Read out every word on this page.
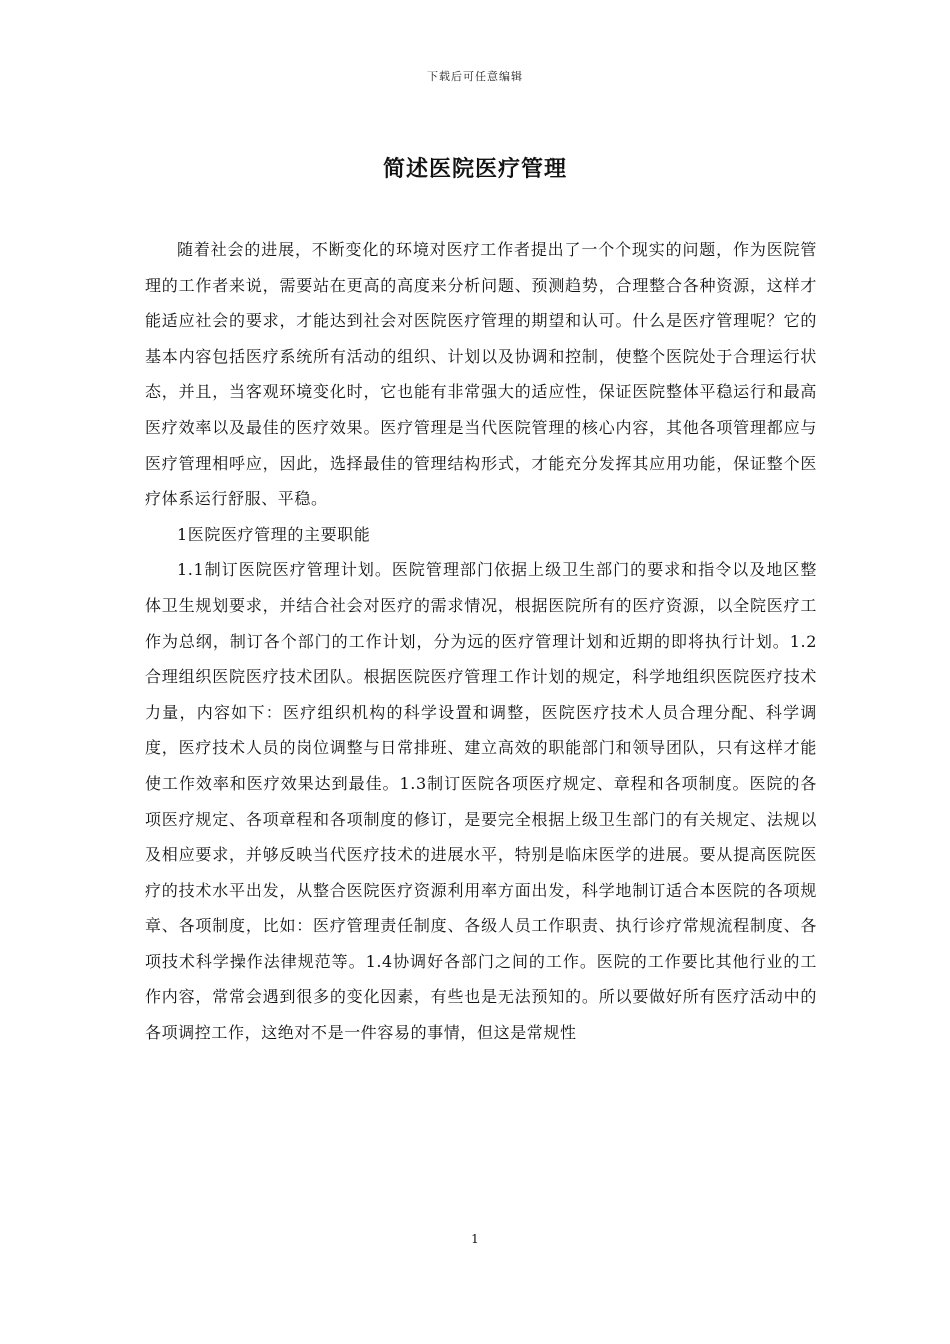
下载后可任意编辑
简述医院医疗管理

随着社会的进展，不断变化的环境对医疗工作者提出了一个个现实的问题，作为医院管理的工作者来说，需要站在更高的高度来分析问题、预测趋势，合理整合各种资源，这样才能适应社会的要求，才能达到社会对医院医疗管理的期望和认可。什么是医疗管理呢？它的基本内容包括医疗系统所有活动的组织、计划以及协调和控制，使整个医院处于合理运行状态，并且，当客观环境变化时，它也能有非常强大的适应性，保证医院整体平稳运行和最高医疗效率以及最佳的医疗效果。医疗管理是当代医院管理的核心内容，其他各项管理都应与医疗管理相呼应，因此，选择最佳的管理结构形式，才能充分发挥其应用功能，保证整个医疗体系运行舒服、平稳。

1医院医疗管理的主要职能

1.1制订医院医疗管理计划。医院管理部门依据上级卫生部门的要求和指令以及地区整体卫生规划要求，并结合社会对医疗的需求情况，根据医院所有的医疗资源，以全院医疗工作为总纲，制订各个部门的工作计划，分为远的医疗管理计划和近期的即将执行计划。1.2合理组织医院医疗技术团队。根据医院医疗管理工作计划的规定，科学地组织医院医疗技术力量，内容如下：医疗组织机构的科学设置和调整，医院医疗技术人员合理分配、科学调度，医疗技术人员的岗位调整与日常排班、建立高效的职能部门和领导团队，只有这样才能使工作效率和医疗效果达到最佳。1.3制订医院各项医疗规定、章程和各项制度。医院的各项医疗规定、各项章程和各项制度的修订，是要完全根据上级卫生部门的有关规定、法规以及相应要求，并够反映当代医疗技术的进展水平，特别是临床医学的进展。要从提高医院医疗的技术水平出发，从整合医院医疗资源利用率方面出发，科学地制订适合本医院的各项规章、各项制度，比如：医疗管理责任制度、各级人员工作职责、执行诊疗常规流程制度、各项技术科学操作法律规范等。1.4协调好各部门之间的工作。医院的工作要比其他行业的工作内容，常常会遇到很多的变化因素，有些也是无法预知的。所以要做好所有医疗活动中的各项调控工作，这绝对不是一件容易的事情，但这是常规性

1
